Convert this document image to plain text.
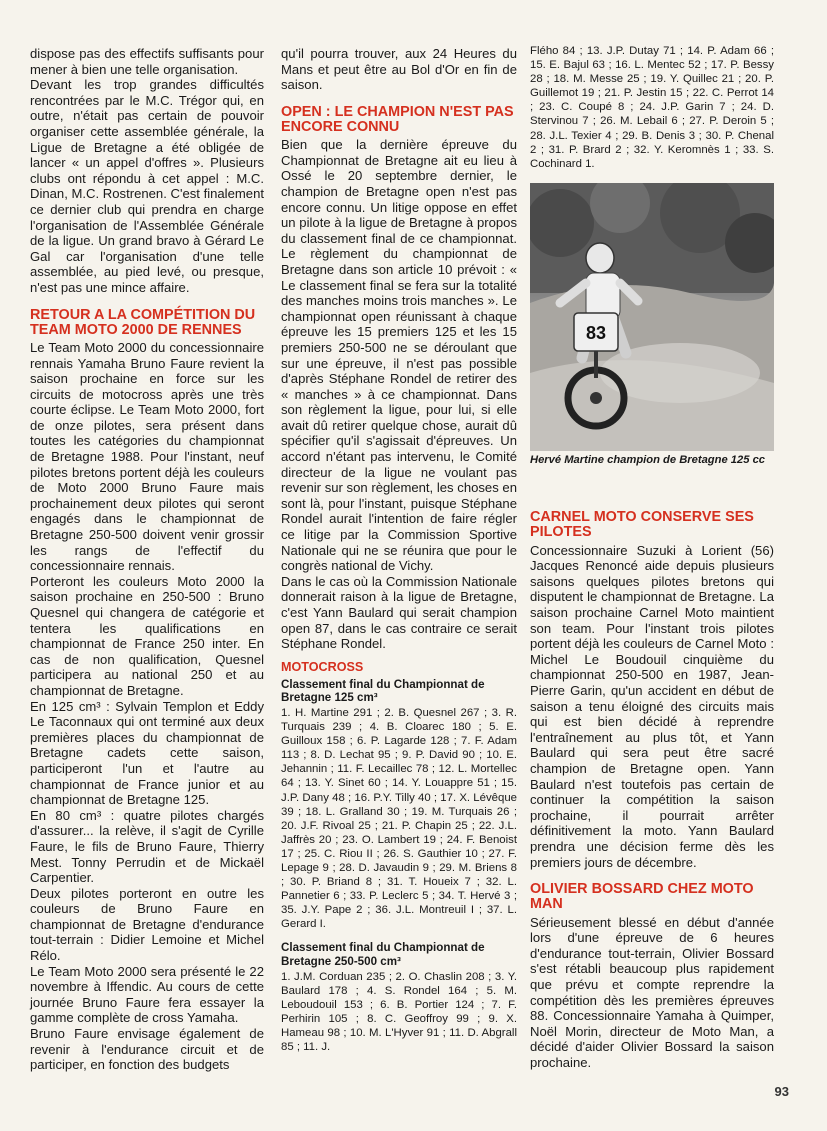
dispose pas des effectifs suffisants pour mener à bien une telle organisation.

Devant les trop grandes difficultés rencontrées par le M.C. Trégor qui, en outre, n'était pas certain de pouvoir organiser cette assemblée générale, la Ligue de Bretagne a été obligée de lancer « un appel d'offres ». Plusieurs clubs ont répondu à cet appel : M.C. Dinan, M.C. Rostrenen. C'est finalement ce dernier club qui prendra en charge l'organisation de l'Assemblée Générale de la ligue. Un grand bravo à Gérard Le Gal car l'organisation d'une telle assemblée, au pied levé, ou presque, n'est pas une mince affaire.

RETOUR A LA COMPÉTITION DU TEAM MOTO 2000 DE RENNES

Le Team Moto 2000 du concessionnaire rennais Yamaha Bruno Faure revient la saison prochaine en force sur les circuits de motocross après une très courte éclipse. Le Team Moto 2000, fort de onze pilotes, sera présent dans toutes les catégories du championnat de Bretagne 1988. Pour l'instant, neuf pilotes bretons portent déjà les couleurs de Moto 2000 Bruno Faure mais prochainement deux pilotes qui seront engagés dans le championnat de Bretagne 250-500 doivent venir grossir les rangs de l'effectif du concessionnaire rennais.

Porteront les couleurs Moto 2000 la saison prochaine en 250-500 : Bruno Quesnel qui changera de catégorie et tentera les qualifications en championnat de France 250 inter. En cas de non qualification, Quesnel participera au national 250 et au championnat de Bretagne.

En 125 cm³ : Sylvain Templon et Eddy Le Taconnaux qui ont terminé aux deux premières places du championnat de Bretagne cadets cette saison, participeront l'un et l'autre au championnat de France junior et au championnat de Bretagne 125.

En 80 cm³ : quatre pilotes chargés d'assurer... la relève, il s'agit de Cyrille Faure, le fils de Bruno Faure, Thierry Mest. Tonny Perrudin et de Mickaël Carpentier.

Deux pilotes porteront en outre les couleurs de Bruno Faure en championnat de Bretagne d'endurance tout-terrain : Didier Lemoine et Michel Rélo.

Le Team Moto 2000 sera présenté le 22 novembre à Iffendic. Au cours de cette journée Bruno Faure fera essayer la gamme complète de cross Yamaha.

Bruno Faure envisage également de revenir à l'endurance circuit et de participer, en fonction des budgets

qu'il pourra trouver, aux 24 Heures du Mans et peut être au Bol d'Or en fin de saison.

OPEN : LE CHAMPION N'EST PAS ENCORE CONNU

Bien que la dernière épreuve du Championnat de Bretagne ait eu lieu à Ossé le 20 septembre dernier, le champion de Bretagne open n'est pas encore connu. Un litige oppose en effet un pilote à la ligue de Bretagne à propos du classement final de ce championnat. Le règlement du championnat de Bretagne dans son article 10 prévoit : « Le classement final se fera sur la totalité des manches moins trois manches ». Le championnat open réunissant à chaque épreuve les 15 premiers 125 et les 15 premiers 250-500 ne se déroulant que sur une épreuve, il n'est pas possible d'après Stéphane Rondel de retirer des « manches » à ce championnat. Dans son règlement la ligue, pour lui, si elle avait dû retirer quelque chose, aurait dû spécifier qu'il s'agissait d'épreuves. Un accord n'étant pas intervenu, le Comité directeur de la ligue ne voulant pas revenir sur son règlement, les choses en sont là, pour l'instant, puisque Stéphane Rondel aurait l'intention de faire régler ce litige par la Commission Sportive Nationale qui ne se réunira que pour le congrès national de Vichy.

Dans le cas où la Commission Nationale donnerait raison à la ligue de Bretagne, c'est Yann Baulard qui serait champion open 87, dans le cas contraire ce serait Stéphane Rondel.

MOTOCROSS
Classement final du Championnat de Bretagne 125 cm³

1. H. Martine 291 ; 2. B. Quesnel 267 ; 3. R. Turquais 239 ; 4. B. Cloarec 180 ; 5. E. Guilloux 158 ; 6. P. Lagarde 128 ; 7. F. Adam 113 ; 8. D. Lechat 95 ; 9. P. David 90 ; 10. E. Jehannin ; 11. F. Lecaillec 78 ; 12. L. Mortellec 64 ; 13. Y. Sinet 60 ; 14. Y. Louappre 51 ; 15. J.P. Dany 48 ; 16. P.Y. Tilly 40 ; 17. X. Lévêque 39 ; 18. L. Gralland 30 ; 19. M. Turquais 26 ; 20. J.F. Rivoal 25 ; 21. P. Chapin 25 ; 22. J.L. Jaffrès 20 ; 23. O. Lambert 19 ; 24. F. Benoist 17 ; 25. C. Riou II ; 26. S. Gauthier 10 ; 27. F. Lepage 9 ; 28. D. Javaudin 9 ; 29. M. Briens 8 ; 30. P. Briand 8 ; 31. T. Houeix 7 ; 32. L. Pannetier 6 ; 33. P. Leclerc 5 ; 34. T. Hervé 3 ; 35. J.Y. Pape 2 ; 36. J.L. Montreuil I ; 37. L. Gerard I.

Classement final du Championnat de Bretagne 250-500 cm³

1. J.M. Corduan 235 ; 2. O. Chaslin 208 ; 3. Y. Baulard 178 ; 4. S. Rondel 164 ; 5. M. Leboudouil 153 ; 6. B. Portier 124 ; 7. F. Perhirin 105 ; 8. C. Geoffroy 99 ; 9. X. Hameau 98 ; 10. M. L'Hyver 91 ; 11. D. Abgrall 85 ; 11. J.

Flého 84 ; 13. J.P. Dutay 71 ; 14. P. Adam 66 ; 15. E. Bajul 63 ; 16. L. Mentec 52 ; 17. P. Bessy 28 ; 18. M. Messe 25 ; 19. Y. Quillec 21 ; 20. P. Guillemot 19 ; 21. P. Jestin 15 ; 22. C. Perrot 14 ; 23. C. Coupé 8 ; 24. J.P. Garin 7 ; 24. D. Stervinou 7 ; 26. M. Lebail 6 ; 27. P. Deroin 5 ; 28. J.L. Texier 4 ; 29. B. Denis 3 ; 30. P. Chenal 2 ; 31. P. Brard 2 ; 32. Y. Keromnès 1 ; 33. S. Cochinard 1.

83

Hervé Martine champion de Bretagne 125 cc

CARNEL MOTO CONSERVE SES PILOTES

Concessionnaire Suzuki à Lorient (56) Jacques Renoncé aide depuis plusieurs saisons quelques pilotes bretons qui disputent le championnat de Bretagne. La saison prochaine Carnel Moto maintient son team. Pour l'instant trois pilotes portent déjà les couleurs de Carnel Moto : Michel Le Boudouil cinquième du championnat 250-500 en 1987, Jean-Pierre Garin, qu'un accident en début de saison a tenu éloigné des circuits mais qui est bien décidé à reprendre l'entraînement au plus tôt, et Yann Baulard qui sera peut être sacré champion de Bretagne open. Yann Baulard n'est toutefois pas certain de continuer la compétition la saison prochaine, il pourrait arrêter définitivement la moto. Yann Baulard prendra une décision ferme dès les premiers jours de décembre.

OLIVIER BOSSARD CHEZ MOTO MAN

Sérieusement blessé en début d'année lors d'une épreuve de 6 heures d'endurance tout-terrain, Olivier Bossard s'est rétabli beaucoup plus rapidement que prévu et compte reprendre la compétition dès les premières épreuves 88. Concessionnaire Yamaha à Quimper, Noël Morin, directeur de Moto Man, a décidé d'aider Olivier Bossard la saison prochaine.

93
